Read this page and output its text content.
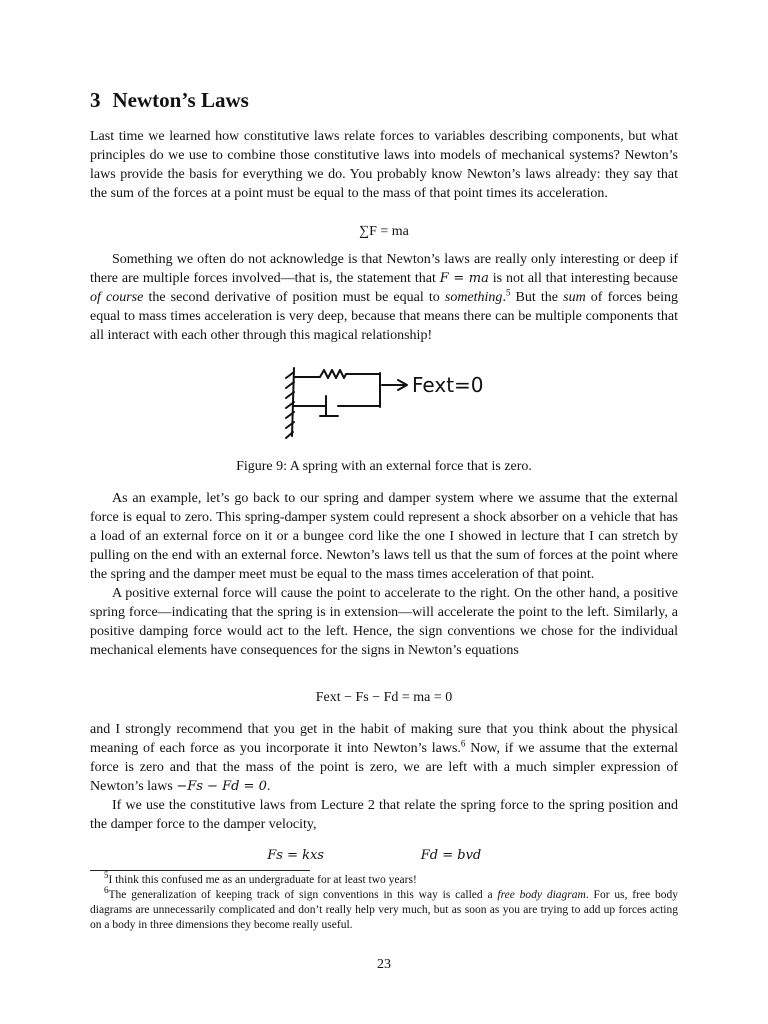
3 Newton’s Laws

Last time we learned how constitutive laws relate forces to variables describing components, but what principles do we use to combine those constitutive laws into models of mechanical systems? Newton’s laws provide the basis for everything we do. You probably know Newton’s laws already: they say that the sum of the forces at a point must be equal to the mass of that point times its acceleration.

∑F = ma

Something we often do not acknowledge is that Newton’s laws are really only interesting or deep if there are multiple forces involved—that is, the statement that F = ma is not all that interesting because of course the second derivative of position must be equal to something.$^5$ But the sum of forces being equal to mass times acceleration is very deep, because that means there can be multiple components that all interact with each other through this magical relationship!

Fext=0
Figure 9: A spring with an external force that is zero.

As an example, let’s go back to our spring and damper system where we assume that the external force is equal to zero. This spring-damper system could represent a shock absorber on a vehicle that has a load of an external force on it or a bungee cord like the one I showed in lecture that I can stretch by pulling on the end with an external force. Newton’s laws tell us that the sum of forces at the point where the spring and the damper meet must be equal to the mass times acceleration of that point.

A positive external force will cause the point to accelerate to the right. On the other hand, a positive spring force—indicating that the spring is in extension—will accelerate the point to the left. Similarly, a positive damping force would act to the left. Hence, the sign conventions we chose for the individual mechanical elements have consequences for the signs in Newton’s equations

Fext − Fs − Fd = ma = 0

and I strongly recommend that you get in the habit of making sure that you think about the physical meaning of each force as you incorporate it into Newton’s laws.$^6$ Now, if we assume that the external force is zero and that the mass of the point is zero, we are left with a much simpler expression of Newton’s laws −Fs − Fd = 0.

If we use the constitutive laws from Lecture 2 that relate the spring force to the spring position and the damper force to the damper velocity,

Fs = kxs	Fd = bvd

$^5$I think this confused me as an undergraduate for at least two years!

$^6$The generalization of keeping track of sign conventions in this way is called a free body diagram. For us, free body diagrams are unnecessarily complicated and don’t really help very much, but as soon as you are trying to add up forces acting on a body in three dimensions they become really useful.

23
